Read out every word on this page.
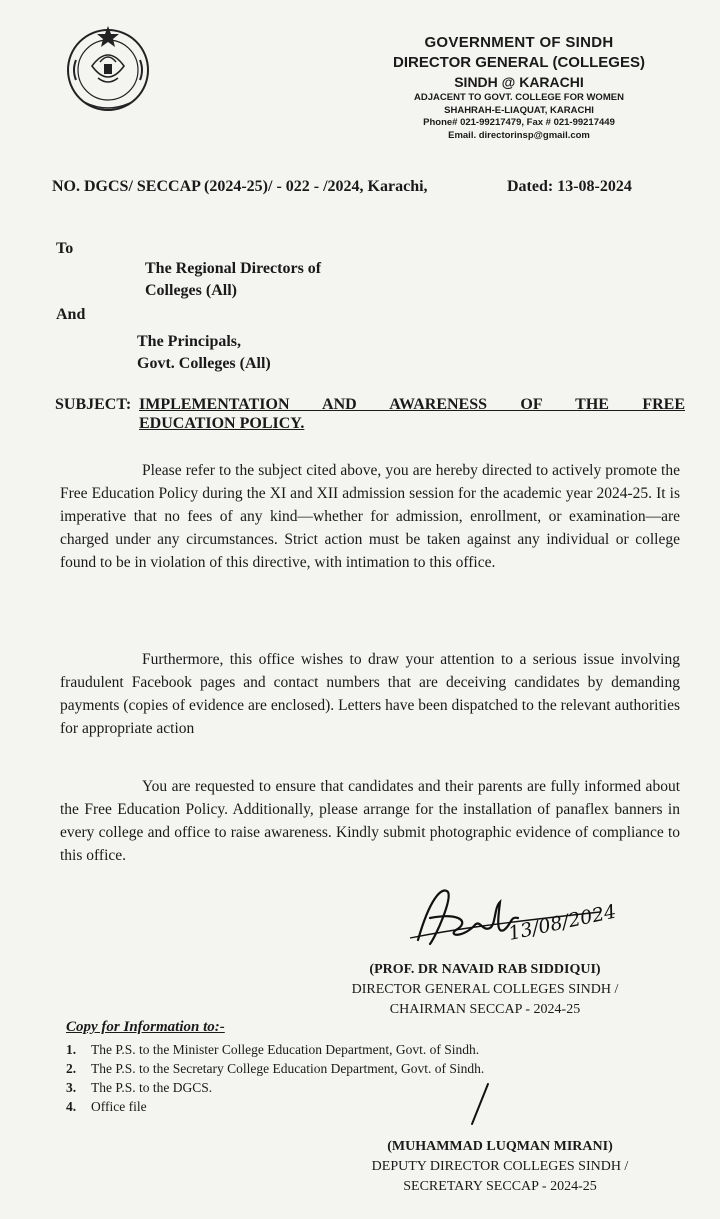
GOVERNMENT OF SINDH
DIRECTOR GENERAL (COLLEGES)
SINDH @ KARACHI
ADJACENT TO GOVT. COLLEGE FOR WOMEN
SHAHRAH-E-LIAQUAT, KARACHI
Phone# 021-99217479, Fax # 021-99217449
Email. directorinsp@gmail.com
NO. DGCS/ SECCAP (2024-25)/ - 022 - /2024, Karachi,	Dated: 13-08-2024
To
The Regional Directors of
Colleges (All)
And
The Principals,
Govt. Colleges (All)
SUBJECT: IMPLEMENTATION AND AWARENESS OF THE FREE
EDUCATION POLICY.
Please refer to the subject cited above, you are hereby directed to actively promote the Free Education Policy during the XI and XII admission session for the academic year 2024-25. It is imperative that no fees of any kind—whether for admission, enrollment, or examination—are charged under any circumstances. Strict action must be taken against any individual or college found to be in violation of this directive, with intimation to this office.
Furthermore, this office wishes to draw your attention to a serious issue involving fraudulent Facebook pages and contact numbers that are deceiving candidates by demanding payments (copies of evidence are enclosed). Letters have been dispatched to the relevant authorities for appropriate action
You are requested to ensure that candidates and their parents are fully informed about the Free Education Policy. Additionally, please arrange for the installation of panaflex banners in every college and office to raise awareness. Kindly submit photographic evidence of compliance to this office.
13/08/2024
(PROF. DR NAVAID RAB SIDDIQUI)
DIRECTOR GENERAL COLLEGES SINDH /
CHAIRMAN SECCAP - 2024-25
Copy for Information to:-
1. The P.S. to the Minister College Education Department, Govt. of Sindh.
2. The P.S. to the Secretary College Education Department, Govt. of Sindh.
3. The P.S. to the DGCS.
4. Office file
(MUHAMMAD LUQMAN MIRANI)
DEPUTY DIRECTOR COLLEGES SINDH /
SECRETARY SECCAP - 2024-25
